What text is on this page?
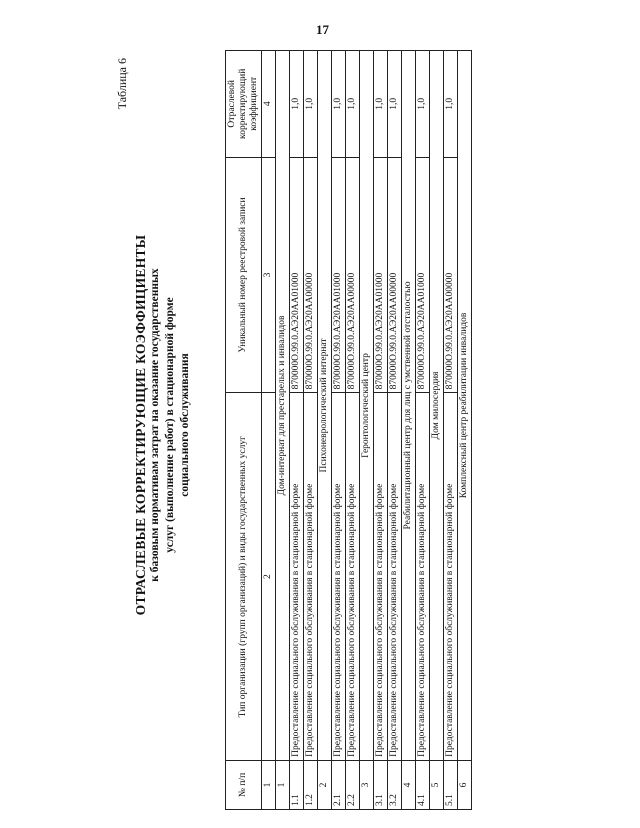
17
Таблица 6
ОТРАСЛЕВЫЕ КОРРЕКТИРУЮЩИЕ КОЭФФИЦИЕНТЫ к базовым нормативам затрат на оказание государственных услуг (выполнение работ) в стационарной форме социального обслуживания
№ п/п	Тип организации (групп организаций) и виды государственных услуг	Уникальный номер реестровой записи	Отраслевой корректирующий коэффициент
1	2	3	4
1	Дом-интернат для престарелых и инвалидов		
1.1	Предоставление социального обслуживания в стационарной форме	870000О.99.0.АЭ20АА01000	1,0
1.2	Предоставление социального обслуживания в стационарной форме	870000О.99.0.АЭ20АА00000	1,0
2	Психоневрологический интернат		
2.1	Предоставление социального обслуживания в стационарной форме	870000О.99.0.АЭ20АА01000	1,0
2.2	Предоставление социального обслуживания в стационарной форме	870000О.99.0.АЭ20АА00000	1,0
3	Геронтологический центр		
3.1	Предоставление социального обслуживания в стационарной форме	870000О.99.0.АЭ20АА01000	1,0
3.2	Предоставление социального обслуживания в стационарной форме	870000О.99.0.АЭ20АА00000	1,0
4	Реабилитационный центр для лиц с умственной отсталостью		
4.1	Предоставление социального обслуживания в стационарной форме	870000О.99.0.АЭ20АА01000	1,0
5	Дом милосердия		
5.1	Предоставление социального обслуживания в стационарной форме	870000О.99.0.АЭ20АА00000	1,0
6	Комплексный центр реабилитации инвалидов		
